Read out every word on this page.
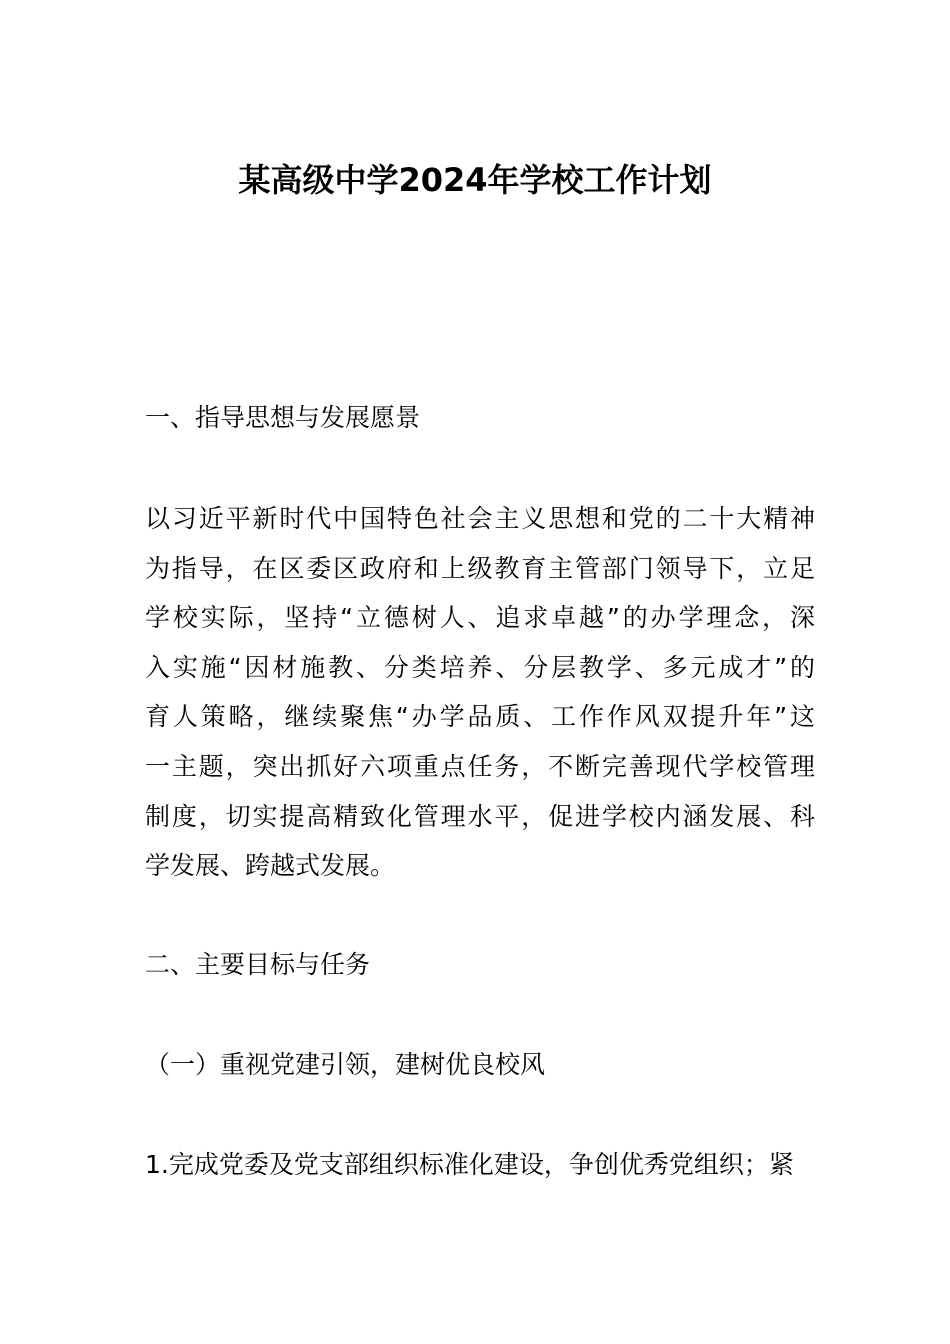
某高级中学2024年学校工作计划
一、指导思想与发展愿景
以习近平新时代中国特色社会主义思想和党的二十大精神
为指导，在区委区政府和上级教育主管部门领导下，立足
学校实际，坚持“立德树人、追求卓越”的办学理念，深
入实施“因材施教、分类培养、分层教学、多元成才”的
育人策略，继续聚焦“办学品质、工作作风双提升年”这
一主题，突出抓好六项重点任务，不断完善现代学校管理
制度，切实提高精致化管理水平，促进学校内涵发展、科
学发展、跨越式发展。
二、主要目标与任务
（一）重视党建引领，建树优良校风
1.完成党委及党支部组织标准化建设，争创优秀党组织；紧
